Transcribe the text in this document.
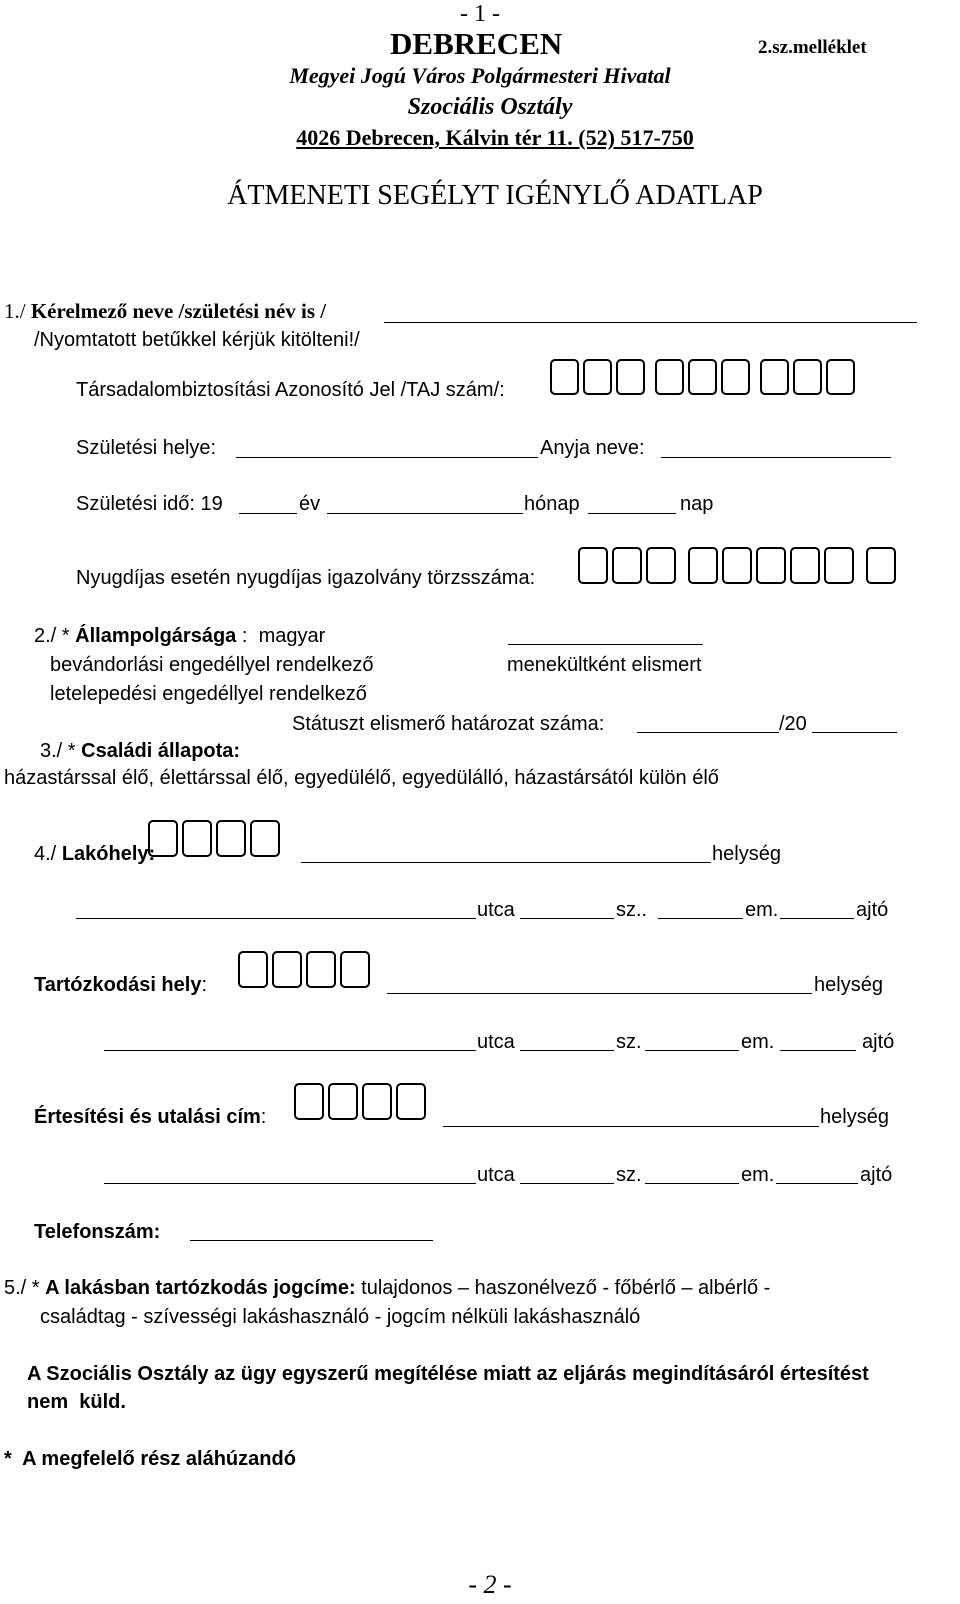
- 1 -
DEBRECEN	2.sz.melléklet
Megyei Jogú Város Polgármesteri Hivatal
Szociális Osztály
4026 Debrecen, Kálvin tér 11. (52) 517-750
ÁTMENETI SEGÉLYT IGÉNYLŐ ADATLAP
1./ Kérelmező neve /születési név is /
/Nyomtatott betűkkel kérjük kitölteni!/
Társadalombiztosítási Azonosító Jel /TAJ szám/:
Születési helye:	Anyja neve:
Születési idő: 19	év	hónap	nap
Nyugdíjas esetén nyugdíjas igazolvány törzsszáma:
2./ * Állampolgársága : magyar
bevándorlási engedéllyel rendelkező	menekültként elismert
letelepedési engedéllyel rendelkező
Státuszt elismerő határozat száma:	/20
3./ * Családi állapota:
házastárssal élő, élettárssal élő, egyedülélő, egyedülálló, házastársától külön élő
4./ Lakóhely:	helység
utca	sz..	em.	ajtó
Tartózkodási hely:	helység
utca	sz.	em.	ajtó
Értesítési és utalási cím:	helység
utca	sz.	em.	ajtó
Telefonszám:
5./ * A lakásban tartózkodás jogcíme: tulajdonos – haszonélvező - főbérlő – albérlő -
családtag - szívességi lakáshasználó - jogcím nélküli lakáshasználó
A Szociális Osztály az ügy egyszerű megítélése miatt az eljárás megindításáról értesítést
nem  küld.
*  A megfelelő rész aláhúzandó
- 2 -
